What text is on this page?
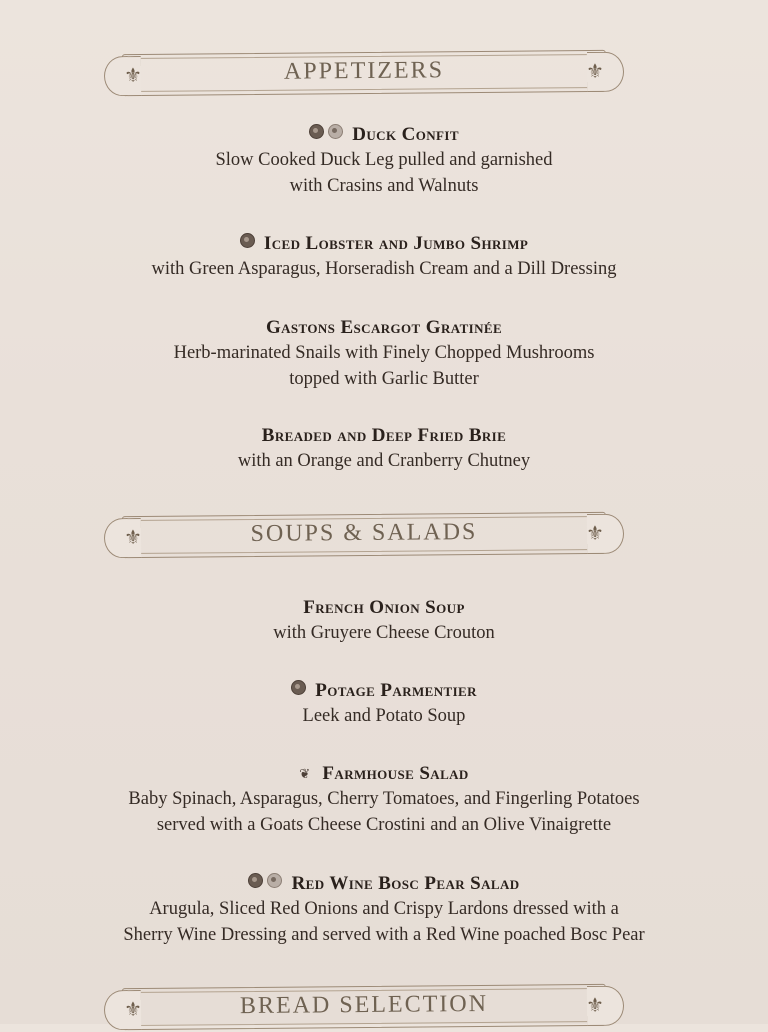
⚜	⚜
APPETIZERS
Duck Confit
Slow Cooked Duck Leg pulled and garnished
with Crasins and Walnuts
Iced Lobster and Jumbo Shrimp
with Green Asparagus, Horseradish Cream and a Dill Dressing
Gastons Escargot Gratinée
Herb-marinated Snails with Finely Chopped Mushrooms
topped with Garlic Butter
Breaded and Deep Fried Brie
with an Orange and Cranberry Chutney
⚜	⚜
SOUPS & SALADS
French Onion Soup
with Gruyere Cheese Crouton
Potage Parmentier
Leek and Potato Soup
❦ Farmhouse Salad
Baby Spinach, Asparagus, Cherry Tomatoes, and Fingerling Potatoes
served with a Goats Cheese Crostini and an Olive Vinaigrette
Red Wine Bosc Pear Salad
Arugula, Sliced Red Onions and Crispy Lardons dressed with a
Sherry Wine Dressing and served with a Red Wine poached Bosc Pear
⚜	⚜
BREAD SELECTION
